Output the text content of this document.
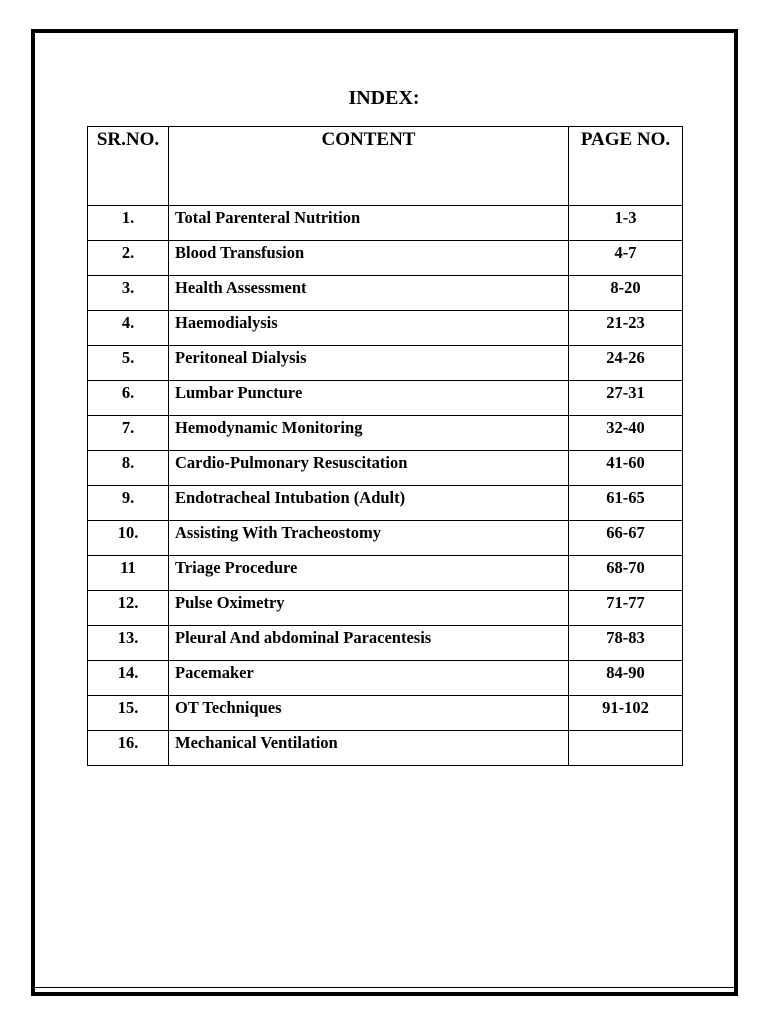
INDEX:
SR.NO.	CONTENT	PAGE NO.
1.	Total Parenteral Nutrition	1-3
2.	Blood Transfusion	4-7
3.	Health Assessment	8-20
4.	Haemodialysis	21-23
5.	Peritoneal Dialysis	24-26
6.	Lumbar Puncture	27-31
7.	Hemodynamic Monitoring	32-40
8.	Cardio-Pulmonary Resuscitation	41-60
9.	Endotracheal Intubation (Adult)	61-65
10.	Assisting With Tracheostomy	66-67
11	Triage Procedure	68-70
12.	Pulse Oximetry	71-77
13.	Pleural And abdominal Paracentesis	78-83
14.	Pacemaker	84-90
15.	OT Techniques	91-102
16.	Mechanical Ventilation	
